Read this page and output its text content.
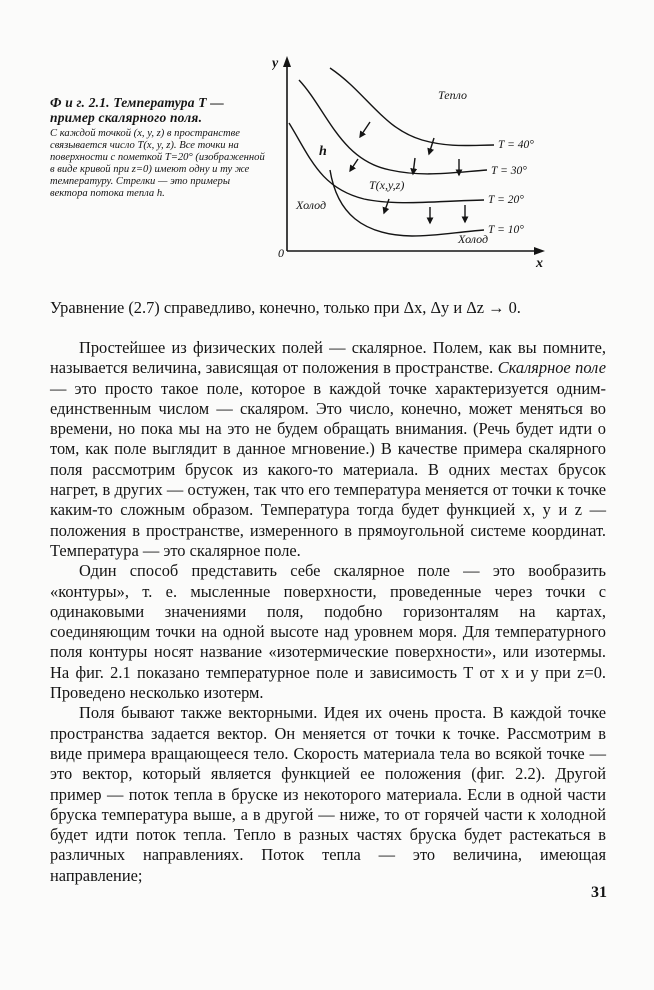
Ф и г. 2.1. Температура T — пример скалярного поля.
С каждой точкой (x, y, z) в пространстве связывается число T(x, y, z). Все точки на поверхности с пометкой T=20° (изображенной в виде кривой при z=0) имеют одну и ту же температуру. Стрелки — это примеры вектора потока тепла h.
Тепло
Холод
Холод
0
x
y
h
T(x,y,z)
T = 40°
T = 30°
T = 20°
T = 10°
Уравнение (2.7) справедливо, конечно, только при Δx, Δy и Δz → 0.

Простейшее из физических полей — скалярное. Полем, как вы помните, называется величина, зависящая от положения в пространстве. Скалярное поле — это просто такое поле, которое в каждой точке характеризуется одним-единственным числом — скаляром. Это число, конечно, может меняться во времени, но пока мы на это не будем обращать внимания. (Речь будет идти о том, как поле выглядит в данное мгновение.) В качестве примера скалярного поля рассмотрим брусок из какого-то материала. В одних местах брусок нагрет, в других — остужен, так что его температура меняется от точки к точке каким-то сложным образом. Температура тогда будет функцией x, y и z — положения в пространстве, измеренного в прямоугольной системе координат. Температура — это скалярное поле.

Один способ представить себе скалярное поле — это вообразить «контуры», т. е. мысленные поверхности, проведенные через точки с одинаковыми значениями поля, подобно горизонталям на картах, соединяющим точки на одной высоте над уровнем моря. Для температурного поля контуры носят название «изотермические поверхности», или изотермы. На фиг. 2.1 показано температурное поле и зависимость T от x и y при z=0. Проведено несколько изотерм.

Поля бывают также векторными. Идея их очень проста. В каждой точке пространства задается вектор. Он меняется от точки к точке. Рассмотрим в виде примера вращающееся тело. Скорость материала тела во всякой точке — это вектор, который является функцией ее положения (фиг. 2.2). Другой пример — поток тепла в бруске из некоторого материала. Если в одной части бруска температура выше, а в другой — ниже, то от горячей части к холодной будет идти поток тепла. Тепло в разных частях бруска будет растекаться в различных направлениях. Поток тепла — это величина, имеющая направление;

31
